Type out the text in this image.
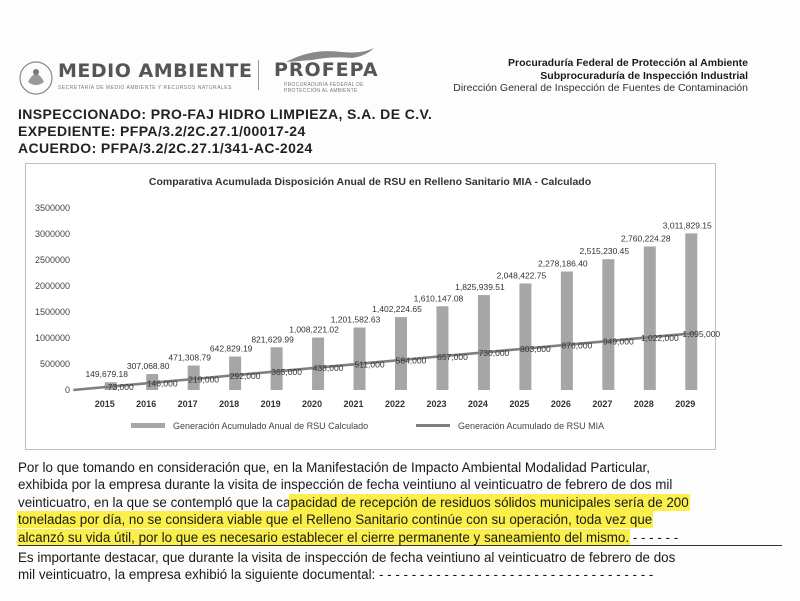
MEDIO AMBIENTE
SECRETARÍA DE MEDIO AMBIENTE Y RECURSOS NATURALES
PROFEPA
PROCURADURÍA FEDERAL DE
PROTECCIÓN AL AMBIENTE
Procuraduría Federal de Protección al Ambiente
Subprocuraduría de Inspección Industrial
Dirección General de Inspección de Fuentes de Contaminación
INSPECCIONADO: PRO-FAJ HIDRO LIMPIEZA, S.A. DE C.V.
EXPEDIENTE: PFPA/3.2/2C.27.1/00017-24
ACUERDO: PFPA/3.2/2C.27.1/341-AC-2024
Comparativa Acumulada Disposición Anual de RSU en Relleno Sanitario MIA - Calculado
0
500000
1000000
1500000
2000000
2500000
3000000
3500000
149,679.18
307,068.80
471,308.79
642,829.19
821,629.99
1,008,221.02
1,201,582.63
1,402,224.65
1,610,147.08
1,825,939.51
2,048,422.75
2,278,186.40
2,515,230.45
2,760,224.28
3,011,829.15
73,000 146,000 219,000 292,000 365,000 438,000 511,000 584,000 657,000 730,000 803,000 876,000 949,000 1,022,000 1,095,000
2015 2016 2017 2018 2019 2020 2021 2022 2023 2024 2025 2026 2027 2028 2029
Generación Acumulado Anual de RSU Calculado	Generación Acumulado de RSU MIA
Por lo que tomando en consideración que, en la Manifestación de Impacto Ambiental Modalidad Particular,
exhibida por la empresa durante la visita de inspección de fecha veintiuno al veinticuatro de febrero de dos mil
veinticuatro, en la que se contempló que la capacidad de recepción de residuos sólidos municipales sería de 200
toneladas por día, no se considera viable que el Relleno Sanitario continúe con su operación, toda vez que
alcanzó su vida útil, por lo que es necesario establecer el cierre permanente y saneamiento del mismo. - - - - - -
Es importante destacar, que durante la visita de inspección de fecha veintiuno al veinticuatro de febrero de dos
mil veinticuatro, la empresa exhibió la siguiente documental: - - - - - - - - - - - - - - - - - - - - - - - - - - - - - - - - - -
